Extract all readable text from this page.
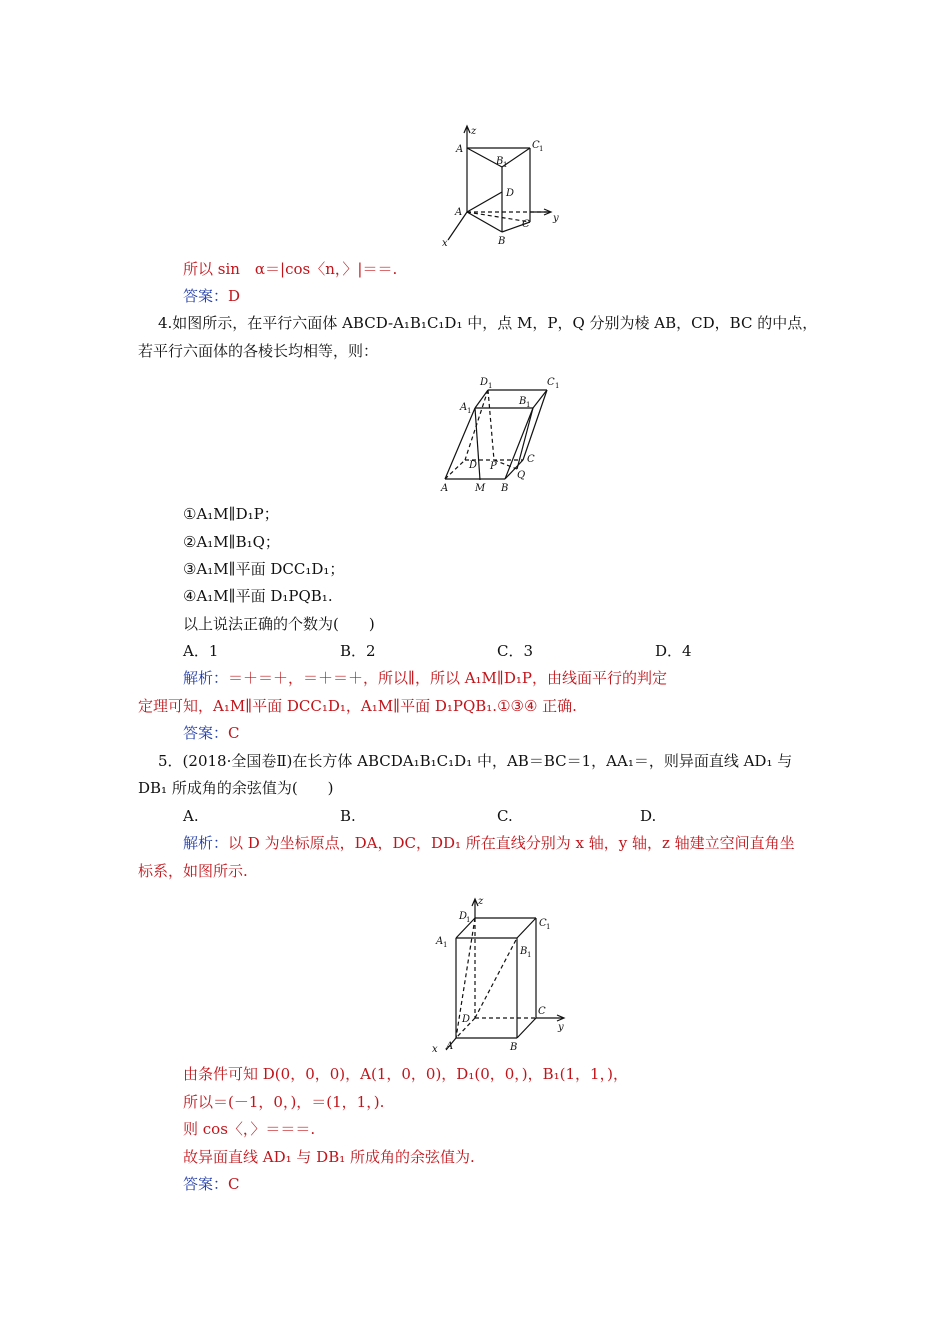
z
y
x
A	C 1
B 1
D
A
C
B
所以 sin　α＝|cos〈n，〉|＝＝.
答案：D
4.如图所示，在平行六面体 ABCD-A₁B₁C₁D₁ 中，点 M，P，Q 分别为棱 AB，CD，BC 的中点，
若平行六面体的各棱长均相等，则：
D 1	C 1
A 1
B 1
D P
C
A	M B
Q
①A₁M∥D₁P；
②A₁M∥B₁Q；
③A₁M∥平面 DCC₁D₁；
④A₁M∥平面 D₁PQB₁.
以上说法正确的个数为(　　)
A．1	B．2	C．3	D．4
解析：＝＋＝＋，＝＋＝＋，所以∥，所以 A₁M∥D₁P，由线面平行的判定
定理可知，A₁M∥平面 DCC₁D₁，A₁M∥平面 D₁PQB₁.①③④ 正确.
答案：C
5．(2018·全国卷Ⅱ)在长方体 ABCDA₁B₁C₁D₁ 中，AB＝BC＝1，AA₁＝，则异面直线 AD₁ 与
DB₁ 所成角的余弦值为(　　)
A.	B.	C.	D.
解析：以 D 为坐标原点，DA，DC，DD₁ 所在直线分别为 x 轴，y 轴，z 轴建立空间直角坐
标系，如图所示.
z
D
1	C 1
A 1
B 1
D
C
y
x A	B
由条件可知 D(0，0，0)，A(1，0，0)，D₁(0，0，)，B₁(1，1，)，
所以＝(－1，0，)，＝(1，1，).
则 cos〈，〉＝＝＝.
故异面直线 AD₁ 与 DB₁ 所成角的余弦值为.
答案：C
